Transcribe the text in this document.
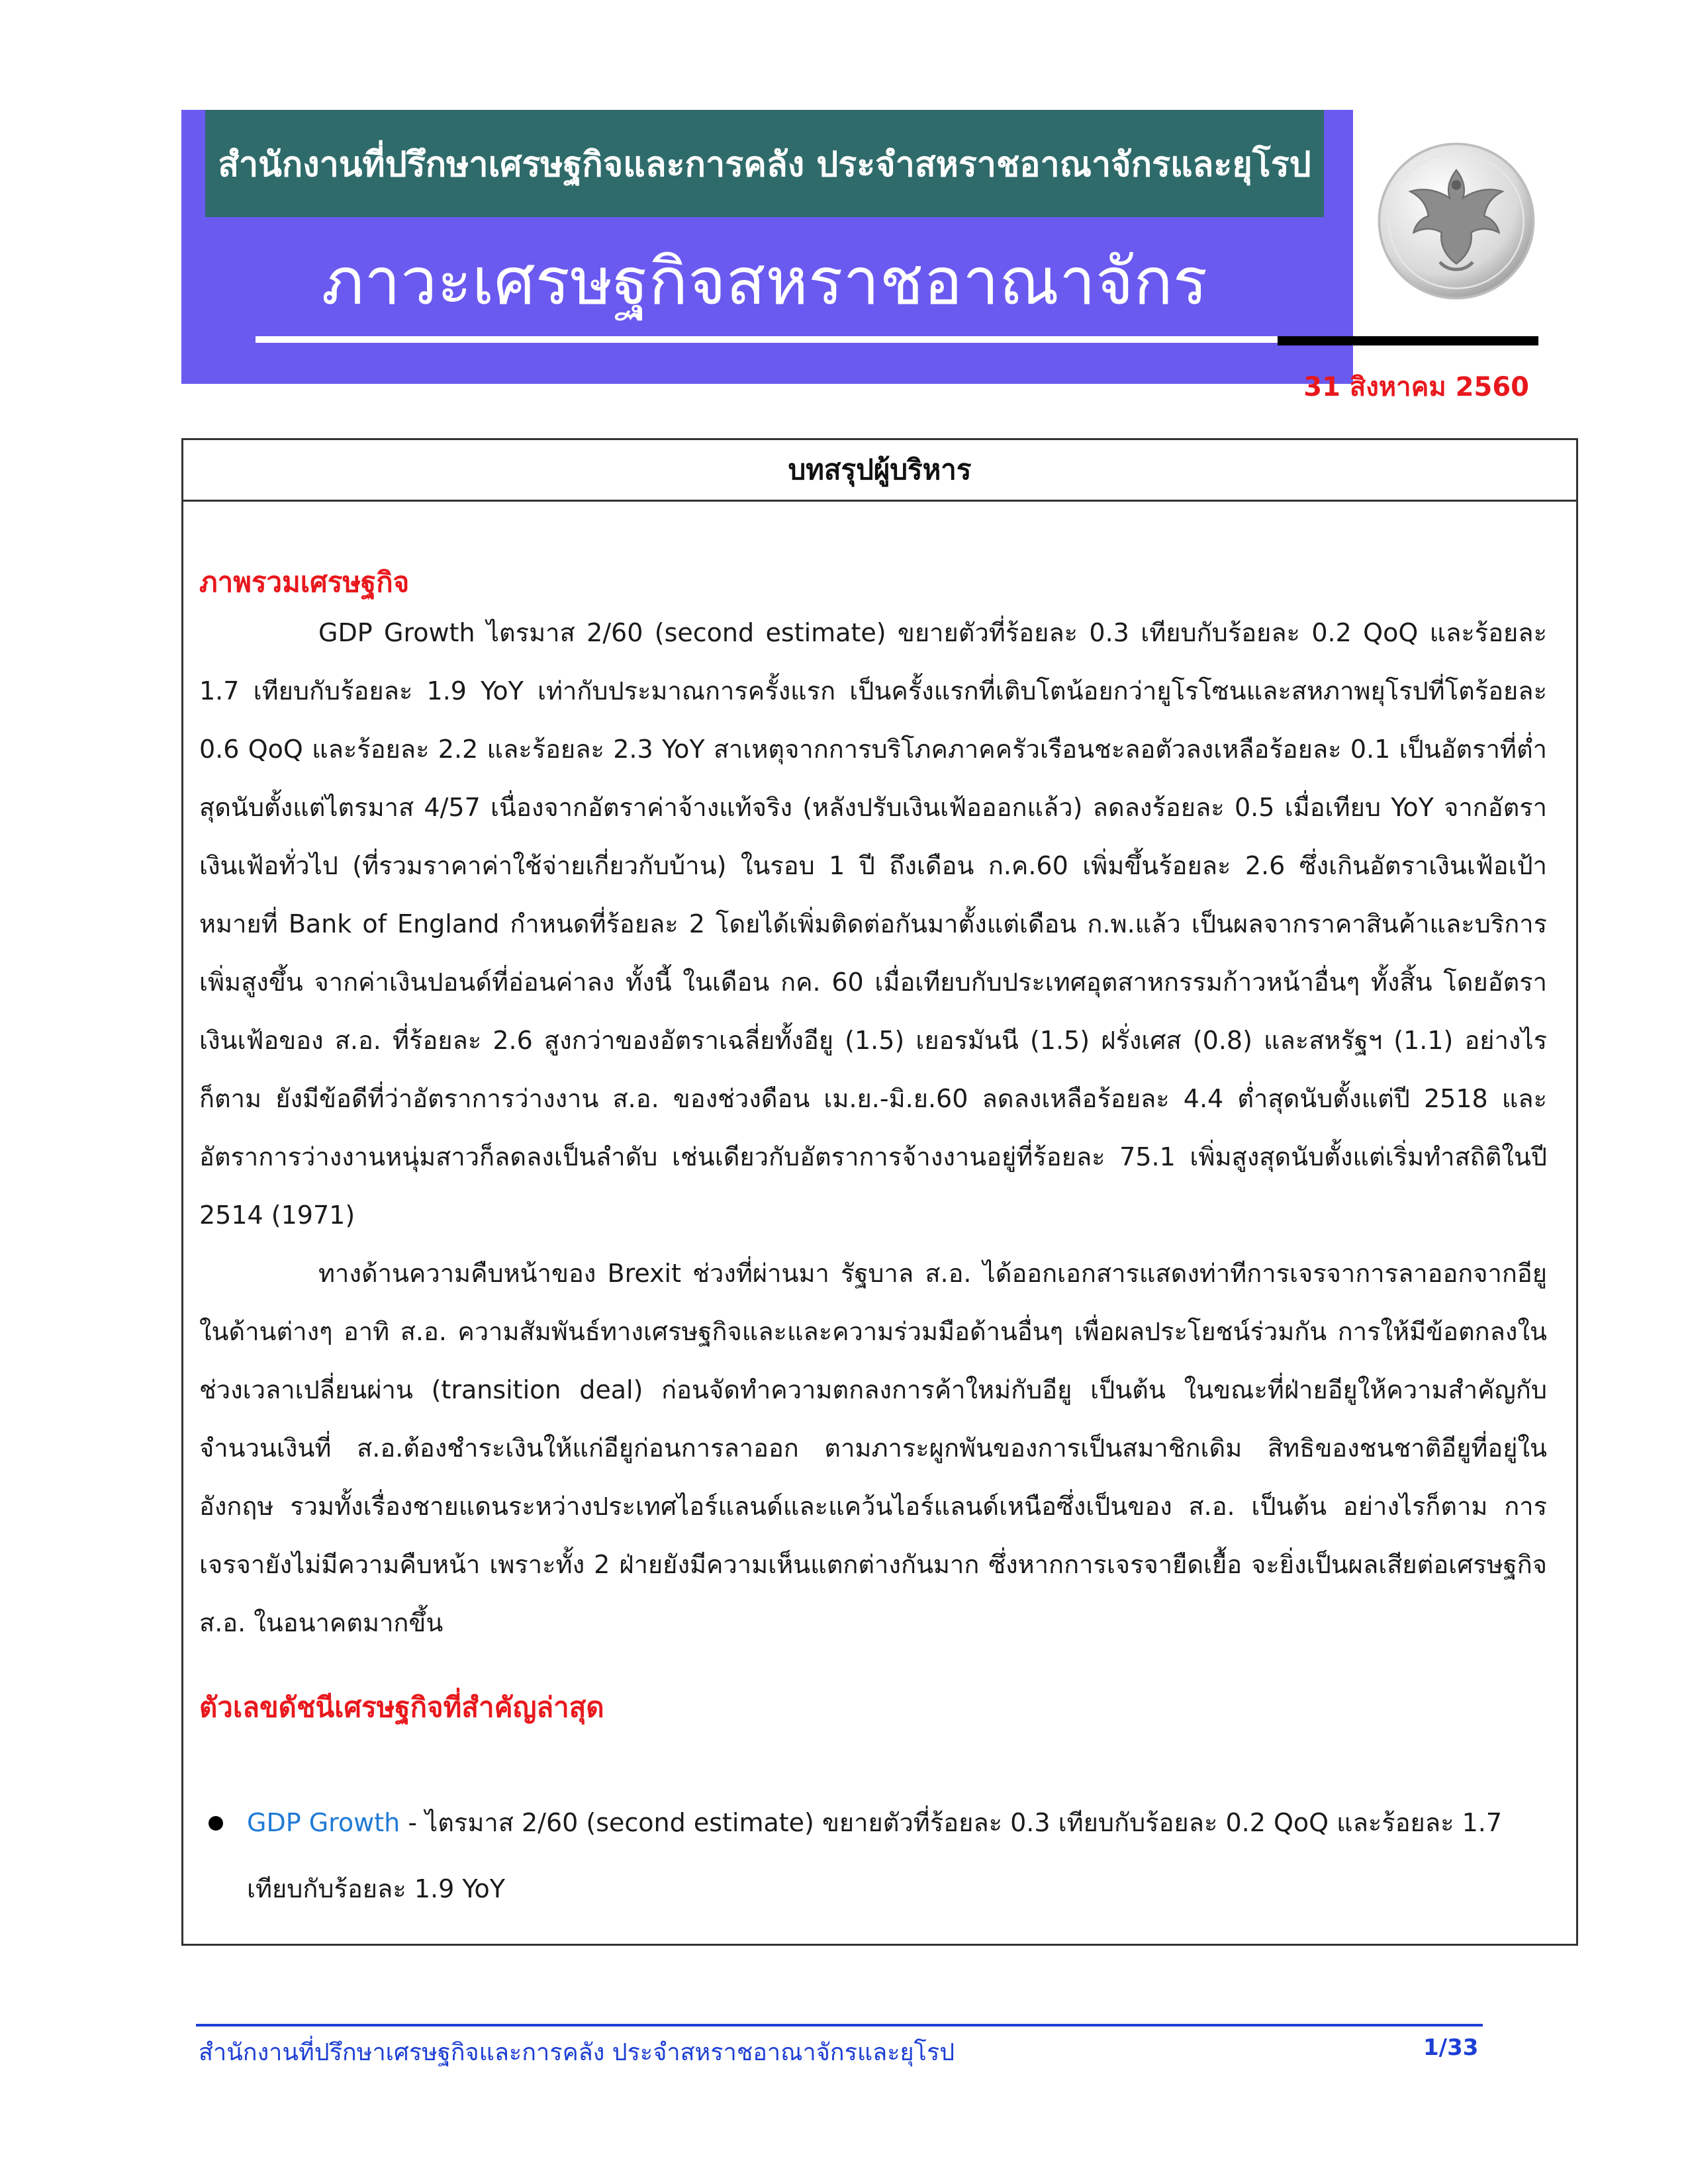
สำนักงานที่ปรึกษาเศรษฐกิจและการคลัง ประจำสหราชอาณาจักรและยุโรป
ภาวะเศรษฐกิจสหราชอาณาจักร
31 สิงหาคม 2560
บทสรุปผู้บริหาร
ภาพรวมเศรษฐกิจ

GDP Growth ไตรมาส 2/60 (second estimate) ขยายตัวที่ร้อยละ 0.3 เทียบกับร้อยละ 0.2 QoQ และร้อยละ 1.7 เทียบกับร้อยละ 1.9 YoY เท่ากับประมาณการครั้งแรก เป็นครั้งแรกที่เติบโตน้อยกว่ายูโรโซนและสหภาพยุโรปที่โตร้อยละ 0.6 QoQ และร้อยละ 2.2 และร้อยละ 2.3 YoY สาเหตุจากการบริโภคภาคครัวเรือนชะลอตัวลงเหลือร้อยละ 0.1 เป็นอัตราที่ต่ำสุดนับตั้งแต่ไตรมาส 4/57 เนื่องจากอัตราค่าจ้างแท้จริง (หลังปรับเงินเฟ้อออกแล้ว) ลดลงร้อยละ 0.5 เมื่อเทียบ YoY จากอัตราเงินเฟ้อทั่วไป (ที่รวมราคาค่าใช้จ่ายเกี่ยวกับบ้าน) ในรอบ 1 ปี ถึงเดือน ก.ค.60 เพิ่มขึ้นร้อยละ 2.6 ซึ่งเกินอัตราเงินเฟ้อเป้าหมายที่ Bank of England กำหนดที่ร้อยละ 2 โดยได้เพิ่มติดต่อกันมาตั้งแต่เดือน ก.พ.แล้ว เป็นผลจากราคาสินค้าและบริการเพิ่มสูงขึ้น จากค่าเงินปอนด์ที่อ่อนค่าลง ทั้งนี้ ในเดือน กค. 60 เมื่อเทียบกับประเทศอุตสาหกรรมก้าวหน้าอื่นๆ ทั้งสิ้น โดยอัตราเงินเฟ้อของ ส.อ. ที่ร้อยละ 2.6 สูงกว่าของอัตราเฉลี่ยทั้งอียู (1.5) เยอรมันนี (1.5) ฝรั่งเศส (0.8) และสหรัฐฯ (1.1) อย่างไรก็ตาม ยังมีข้อดีที่ว่าอัตราการว่างงาน ส.อ. ของช่วงดือน เม.ย.-มิ.ย.60 ลดลงเหลือร้อยละ 4.4 ต่ำสุดนับตั้งแต่ปี 2518 และอัตราการว่างงานหนุ่มสาวก็ลดลงเป็นลำดับ เช่นเดียวกับอัตราการจ้างงานอยู่ที่ร้อยละ 75.1 เพิ่มสูงสุดนับตั้งแต่เริ่มทำสถิติในปี 2514 (1971)

ทางด้านความคืบหน้าของ Brexit ช่วงที่ผ่านมา รัฐบาล ส.อ. ได้ออกเอกสารแสดงท่าทีการเจรจาการลาออกจากอียูในด้านต่างๆ อาทิ ส.อ. ความสัมพันธ์ทางเศรษฐกิจและและความร่วมมือด้านอื่นๆ เพื่อผลประโยชน์ร่วมกัน การให้มีข้อตกลงในช่วงเวลาเปลี่ยนผ่าน (transition deal) ก่อนจัดทำความตกลงการค้าใหม่กับอียู เป็นต้น ในขณะที่ฝ่ายอียูให้ความสำคัญกับ จำนวนเงินที่ ส.อ.ต้องชำระเงินให้แก่อียูก่อนการลาออก ตามภาระผูกพันของการเป็นสมาชิกเดิม สิทธิของชนชาติอียูที่อยู่ในอังกฤษ รวมทั้งเรื่องชายแดนระหว่างประเทศไอร์แลนด์และแคว้นไอร์แลนด์เหนือซึ่งเป็นของ ส.อ. เป็นต้น อย่างไรก็ตาม การเจรจายังไม่มีความคืบหน้า เพราะทั้ง 2 ฝ่ายยังมีความเห็นแตกต่างกันมาก ซึ่งหากการเจรจายืดเยื้อ จะยิ่งเป็นผลเสียต่อเศรษฐกิจ ส.อ. ในอนาคตมากขึ้น

ตัวเลขดัชนีเศรษฐกิจที่สำคัญล่าสุด
GDP Growth - ไตรมาส 2/60 (second estimate) ขยายตัวที่ร้อยละ 0.3 เทียบกับร้อยละ 0.2 QoQ และร้อยละ 1.7 เทียบกับร้อยละ 1.9 YoY
สำนักงานที่ปรึกษาเศรษฐกิจและการคลัง ประจำสหราชอาณาจักรและยุโรป	1/33
